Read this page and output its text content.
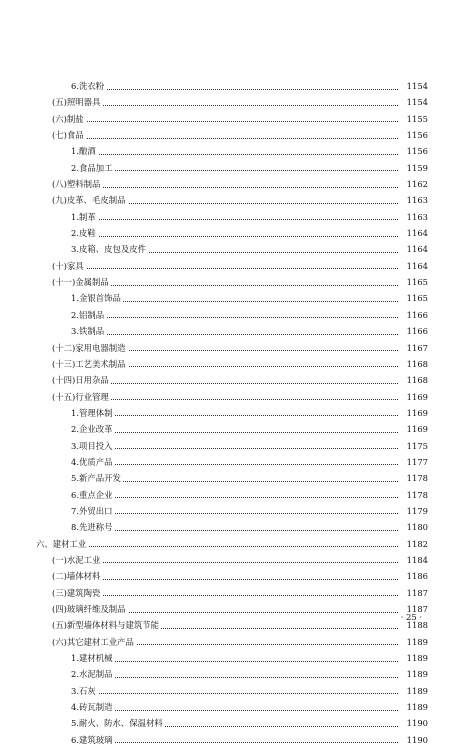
6.洗衣粉	1154
(五)照明器具	1154
(六)制盐	1155
(七)食品	1156
1.酿酒	1156
2.食品加工	1159
(八)塑料制品	1162
(九)皮革、毛皮制品	1163
1.制革	1163
2.皮鞋	1164
3.皮箱、皮包及皮件	1164
(十)家具	1164
(十一)金属制品	1165
1.金银首饰品	1165
2.铝制品	1166
3.铁制品	1166
(十二)家用电器制造	1167
(十三)工艺美术制品	1168
(十四)日用杂品	1168
(十五)行业管理	1169
1.管理体制	1169
2.企业改革	1169
3.项目投入	1175
4.优质产品	1177
5.新产品开发	1178
6.重点企业	1178
7.外贸出口	1179
8.先进称号	1180
六、建材工业	1182
(一)水泥工业	1184
(二)墙体材料	1186
(三)建筑陶瓷	1187
(四)玻璃纤维及制品	1187
(五)新型墙体材料与建筑节能	1188
(六)其它建材工业产品	1189
1.建材机械	1189
2.水泥制品	1189
3.石灰	1189
4.砖瓦制造	1189
5.耐火、防水、保温材料	1190
6.建筑玻璃	1190
· 25 ·
